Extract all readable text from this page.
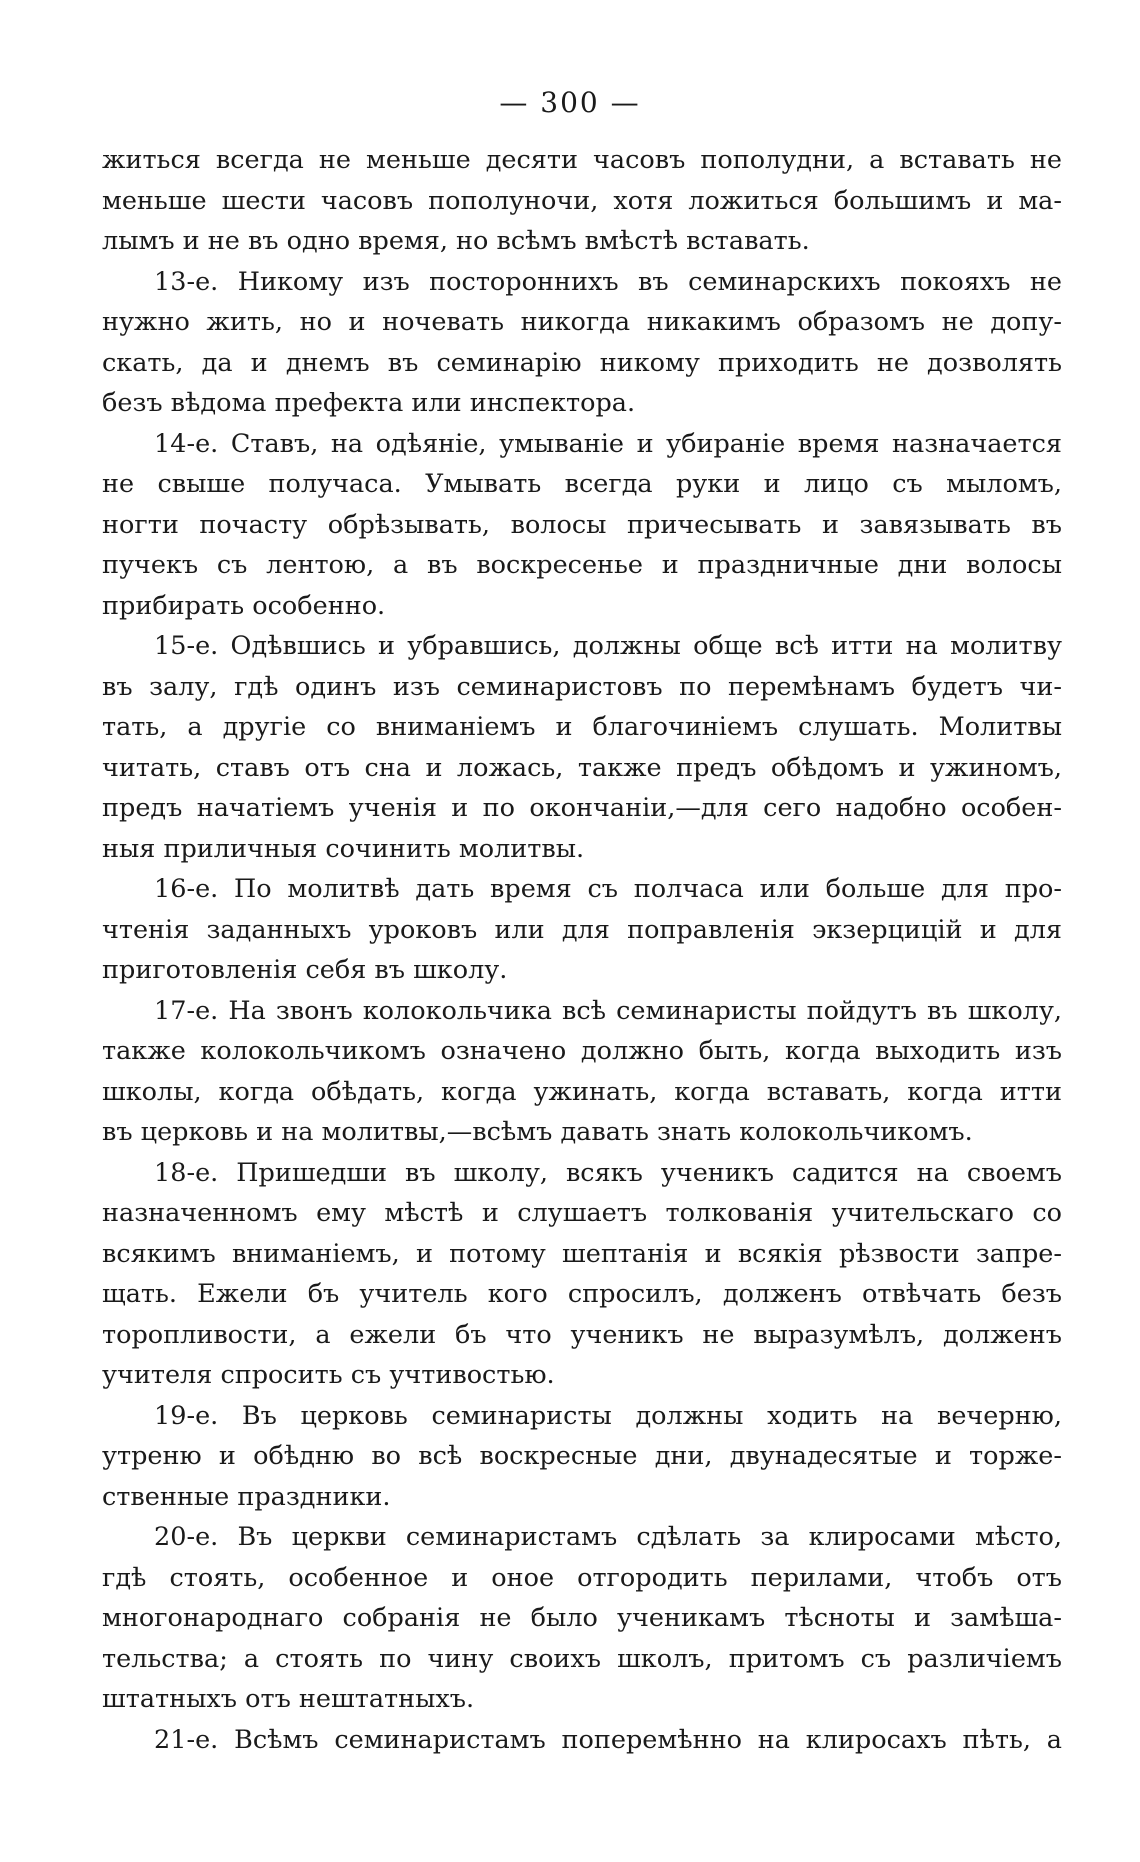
— 300 —
житься всегда не меньше десяти часовъ пополудни, а вставать не
меньше шести часовъ пополуночи, хотя ложиться большимъ и ма-
лымъ и не въ одно время, но всѣмъ вмѣстѣ вставать.
13-е. Никому изъ постороннихъ въ семинарскихъ покояхъ не
нужно жить, но и ночевать никогда никакимъ образомъ не допу-
скать, да и днемъ въ семинарію никому приходить не дозволять
безъ вѣдома префекта или инспектора.
14-е. Ставъ, на одѣяніе, умываніе и убираніе время назначается
не свыше получаса. Умывать всегда руки и лицо съ мыломъ,
ногти почасту обрѣзывать, волосы причесывать и завязывать въ
пучекъ съ лентою, а въ воскресенье и праздничные дни волосы
прибирать особенно.
15-е. Одѣвшись и убравшись, должны обще всѣ итти на молитву
въ залу, гдѣ одинъ изъ семинаристовъ по перемѣнамъ будетъ чи-
тать, а другіе со вниманіемъ и благочиніемъ слушать. Молитвы
читать, ставъ отъ сна и ложась, также предъ обѣдомъ и ужиномъ,
предъ начатіемъ ученія и по окончаніи,—для сего надобно особен-
ныя приличныя сочинить молитвы.
16-е. По молитвѣ дать время съ полчаса или больше для про-
чтенія заданныхъ уроковъ или для поправленія экзерцицій и для
приготовленія себя въ школу.
17-е. На звонъ колокольчика всѣ семинаристы пойдутъ въ школу,
также колокольчикомъ означено должно быть, когда выходить изъ
школы, когда обѣдать, когда ужинать, когда вставать, когда итти
въ церковь и на молитвы,—всѣмъ давать знать колокольчикомъ.
18-е. Пришедши въ школу, всякъ ученикъ садится на своемъ
назначенномъ ему мѣстѣ и слушаетъ толкованія учительскаго со
всякимъ вниманіемъ, и потому шептанія и всякія рѣзвости запре-
щать. Ежели бъ учитель кого спросилъ, долженъ отвѣчать безъ
торопливости, а ежели бъ что ученикъ не выразумѣлъ, долженъ
учителя спросить съ учтивостью.
19-е. Въ церковь семинаристы должны ходить на вечерню,
утреню и обѣдню во всѣ воскресные дни, двунадесятые и торже-
ственные праздники.
20-е. Въ церкви семинаристамъ сдѣлать за клиросами мѣсто,
гдѣ стоять, особенное и оное отгородить перилами, чтобъ отъ
многонароднаго собранія не было ученикамъ тѣсноты и замѣша-
тельства; а стоять по чину своихъ школъ, притомъ съ различіемъ
штатныхъ отъ нештатныхъ.
21-е. Всѣмъ семинаристамъ поперемѣнно на клиросахъ пѣть, а
